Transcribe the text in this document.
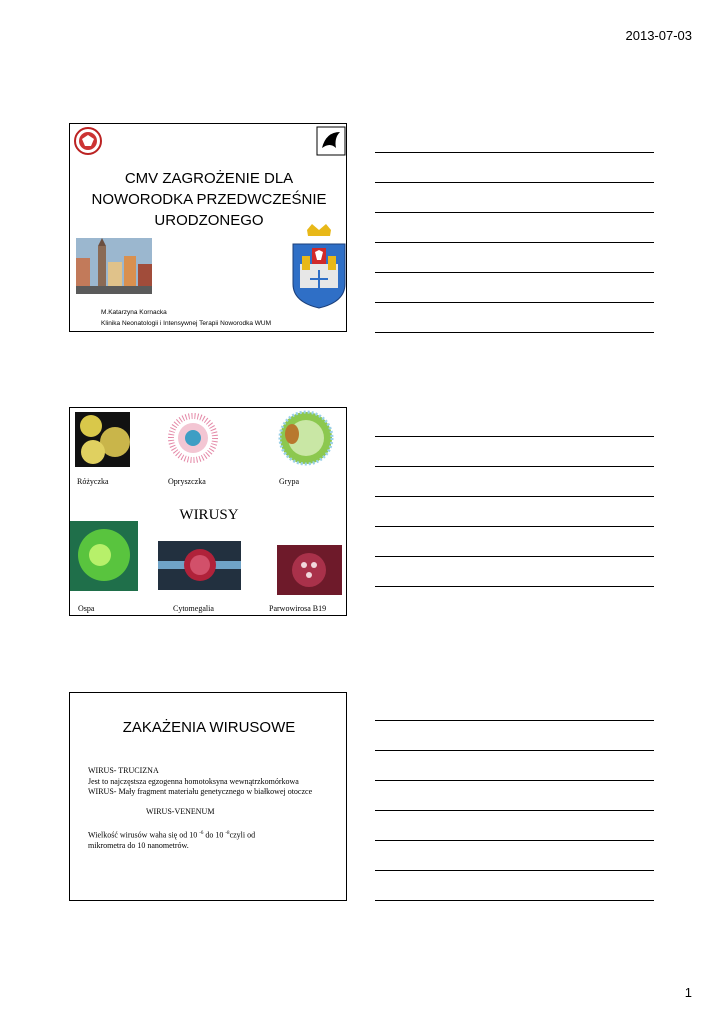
2013-07-03
CMV ZAGROŻENIE DLA
NOWORODKA PRZEDWCZEŚNIE
URODZONEGO
M.Katarzyna Kornacka
Klinika Neonatologii i Intensywnej Terapii Noworodka WUM
Różyczka	Opryszczka	Grypa
WIRUSY
Ospa	Cytomegalia	Parwowirosa B19
ZAKAŻENIA WIRUSOWE

WIRUS- TRUCIZNA

Jest to najczęstsza egzogenna homotoksyna wewnątrzkomórkowa

WIRUS- Mały fragment materiału genetycznego w białkowej otoczce

WIRUS-VENENUM

Wielkość wirusów waha się od 10 $^{-6}$ do 10 $^{-8}$czyli od

mikrometra do 10 nanometrów.

1
